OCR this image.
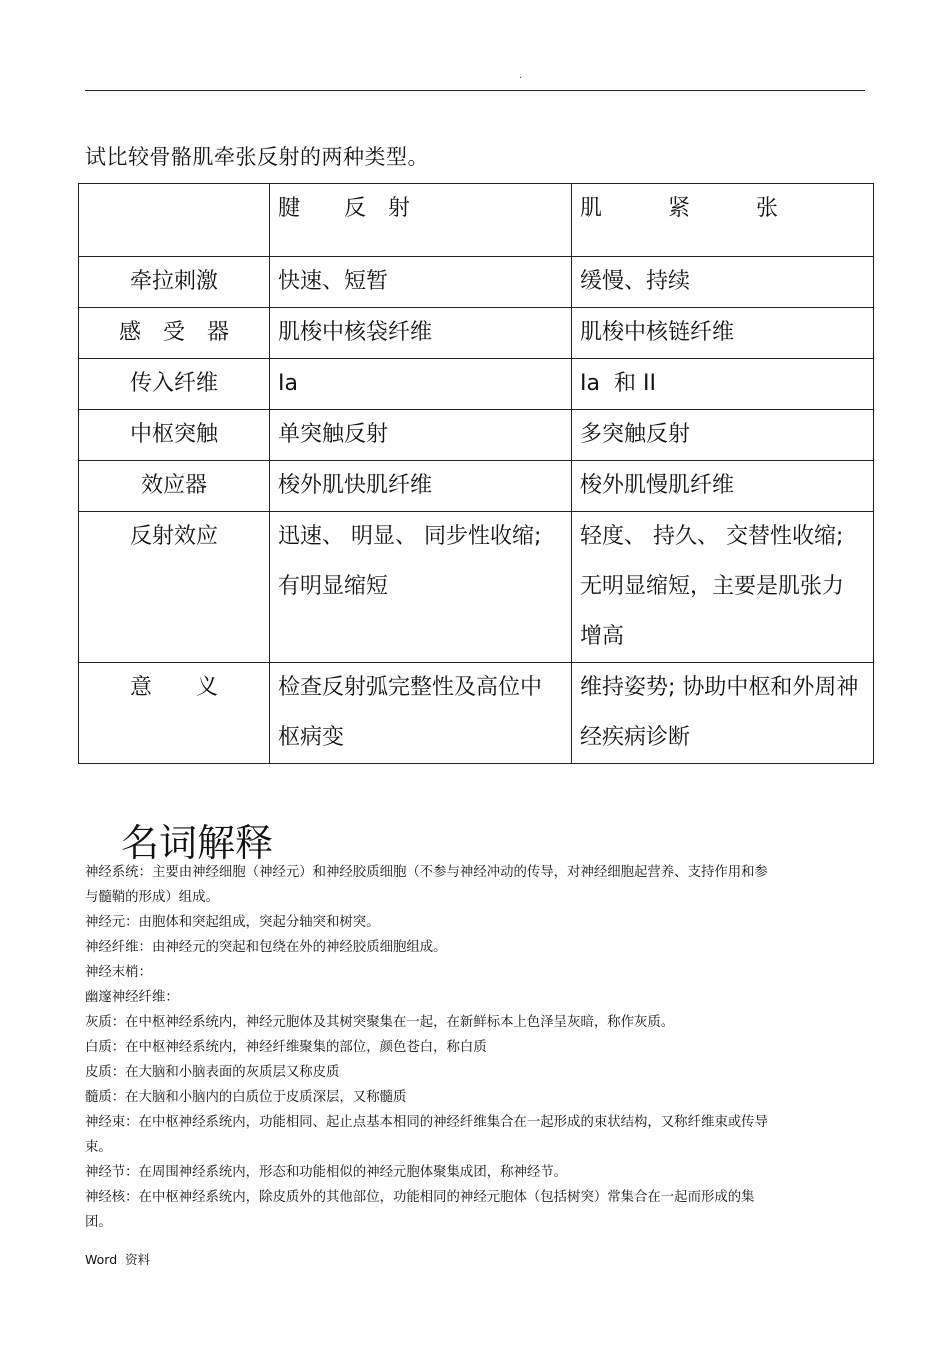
.
试比较骨骼肌牵张反射的两种类型。
	腱　　反　射	肌　　　紧　　　张
牵拉刺激	快速、短暂	缓慢、持续
感　受　器	肌梭中核袋纤维	肌梭中核链纤维
传入纤维	Ia	Ia  和 II
中枢突触	单突触反射	多突触反射
效应器	梭外肌快肌纤维	梭外肌慢肌纤维
反射效应	迅速、 明显、 同步性收缩;有明显缩短	轻度、 持久、 交替性收缩;无明显缩短，主要是肌张力增高
意　　义	检查反射弧完整性及高位中枢病变	维持姿势; 协助中枢和外周神经疾病诊断
名词解释

神经系统：主要由神经细胞（神经元）和神经胶质细胞（不参与神经冲动的传导，对神经细胞起营养、支持作用和参与髓鞘的形成）组成。

神经元：由胞体和突起组成，突起分轴突和树突。

神经纤维：由神经元的突起和包绕在外的神经胶质细胞组成。

神经末梢：

幽邃神经纤维：

灰质：在中枢神经系统内，神经元胞体及其树突聚集在一起，在新鲜标本上色泽呈灰暗，称作灰质。

白质：在中枢神经系统内，神经纤维聚集的部位，颜色苍白，称白质

皮质：在大脑和小脑表面的灰质层又称皮质

髓质：在大脑和小脑内的白质位于皮质深层，又称髓质

神经束：在中枢神经系统内，功能相同、起止点基本相同的神经纤维集合在一起形成的束状结构，又称纤维束或传导束。

神经节：在周围神经系统内，形态和功能相似的神经元胞体聚集成团，称神经节。

神经核：在中枢神经系统内，除皮质外的其他部位，功能相同的神经元胞体（包括树突）常集合在一起而形成的集团。

Word  资料
